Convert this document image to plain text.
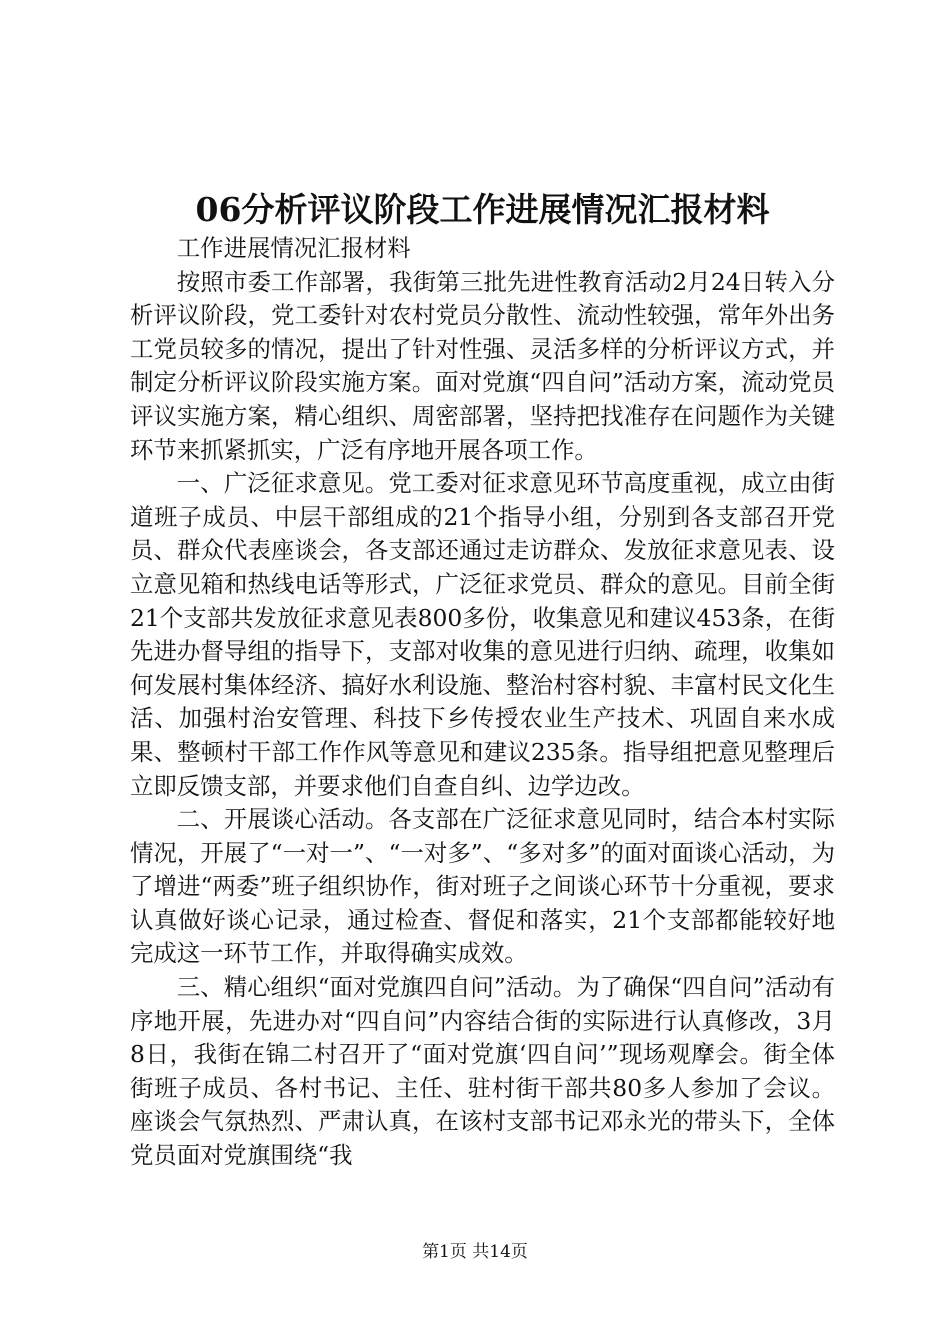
06分析评议阶段工作进展情况汇报材料

工作进展情况汇报材料

按照市委工作部署，我街第三批先进性教育活动2月24日转入分析评议阶段，党工委针对农村党员分散性、流动性较强，常年外出务工党员较多的情况，提出了针对性强、灵活多样的分析评议方式，并制定分析评议阶段实施方案。面对党旗“四自问”活动方案，流动党员评议实施方案，精心组织、周密部署，坚持把找准存在问题作为关键环节来抓紧抓实，广泛有序地开展各项工作。

一、广泛征求意见。党工委对征求意见环节高度重视，成立由街道班子成员、中层干部组成的21个指导小组，分别到各支部召开党员、群众代表座谈会，各支部还通过走访群众、发放征求意见表、设立意见箱和热线电话等形式，广泛征求党员、群众的意见。目前全街21个支部共发放征求意见表800多份，收集意见和建议453条，在街先进办督导组的指导下，支部对收集的意见进行归纳、疏理，收集如何发展村集体经济、搞好水利设施、整治村容村貌、丰富村民文化生活、加强村治安管理、科技下乡传授农业生产技术、巩固自来水成果、整顿村干部工作作风等意见和建议235条。指导组把意见整理后立即反馈支部，并要求他们自查自纠、边学边改。

二、开展谈心活动。各支部在广泛征求意见同时，结合本村实际情况，开展了“一对一”、“一对多”、“多对多”的面对面谈心活动，为了增进“两委”班子组织协作，街对班子之间谈心环节十分重视，要求认真做好谈心记录，通过检查、督促和落实，21个支部都能较好地完成这一环节工作，并取得确实成效。

三、精心组织“面对党旗四自问”活动。为了确保“四自问”活动有序地开展，先进办对“四自问”内容结合街的实际进行认真修改，3月8日，我街在锦二村召开了“面对党旗‘四自问’”现场观摩会。街全体街班子成员、各村书记、主任、驻村街干部共80多人参加了会议。座谈会气氛热烈、严肃认真，在该村支部书记邓永光的带头下，全体党员面对党旗围绕“我

第1页 共14页
